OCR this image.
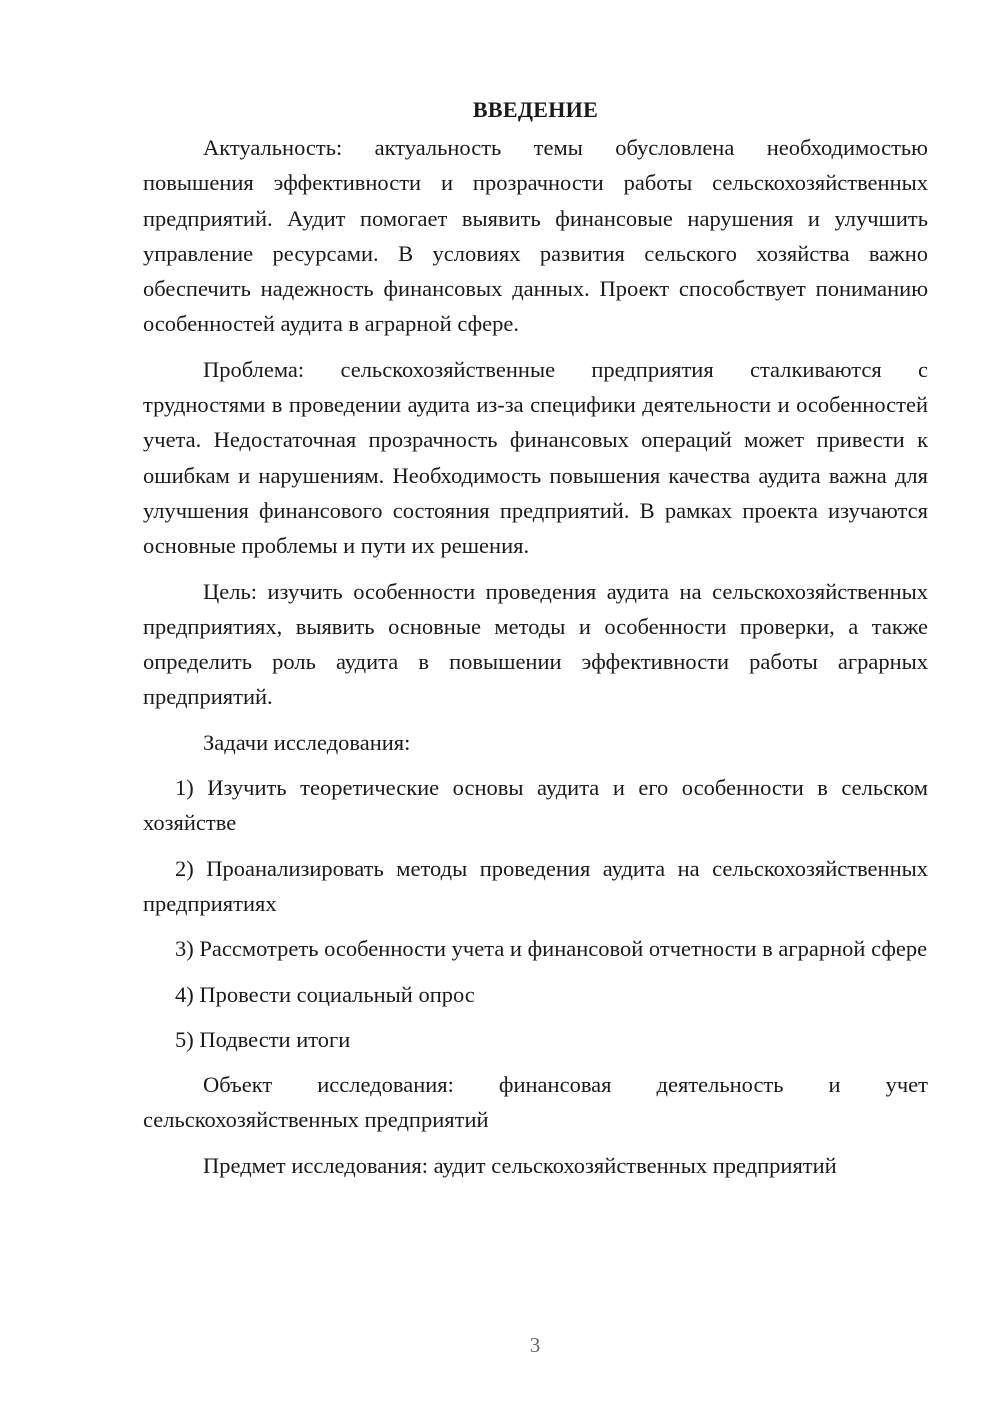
ВВЕДЕНИЕ

Актуальность: актуальность темы обусловлена необходимостью повышения эффективности и прозрачности работы сельскохозяйственных предприятий. Аудит помогает выявить финансовые нарушения и улучшить управление ресурсами. В условиях развития сельского хозяйства важно обеспечить надежность финансовых данных. Проект способствует пониманию особенностей аудита в аграрной сфере.

Проблема: сельскохозяйственные предприятия сталкиваются с трудностями в проведении аудита из-за специфики деятельности и особенностей учета. Недостаточная прозрачность финансовых операций может привести к ошибкам и нарушениям. Необходимость повышения качества аудита важна для улучшения финансового состояния предприятий. В рамках проекта изучаются основные проблемы и пути их решения.

Цель: изучить особенности проведения аудита на сельскохозяйственных предприятиях, выявить основные методы и особенности проверки, а также определить роль аудита в повышении эффективности работы аграрных предприятий.

Задачи исследования:

1) Изучить теоретические основы аудита и его особенности в сельском хозяйстве

2) Проанализировать методы проведения аудита на сельскохозяйственных предприятиях

3) Рассмотреть особенности учета и финансовой отчетности в аграрной сфере

4) Провести социальный опрос

5) Подвести итоги

Объект исследования: финансовая деятельность и учет сельскохозяйственных предприятий

Предмет исследования: аудит сельскохозяйственных предприятий

3
